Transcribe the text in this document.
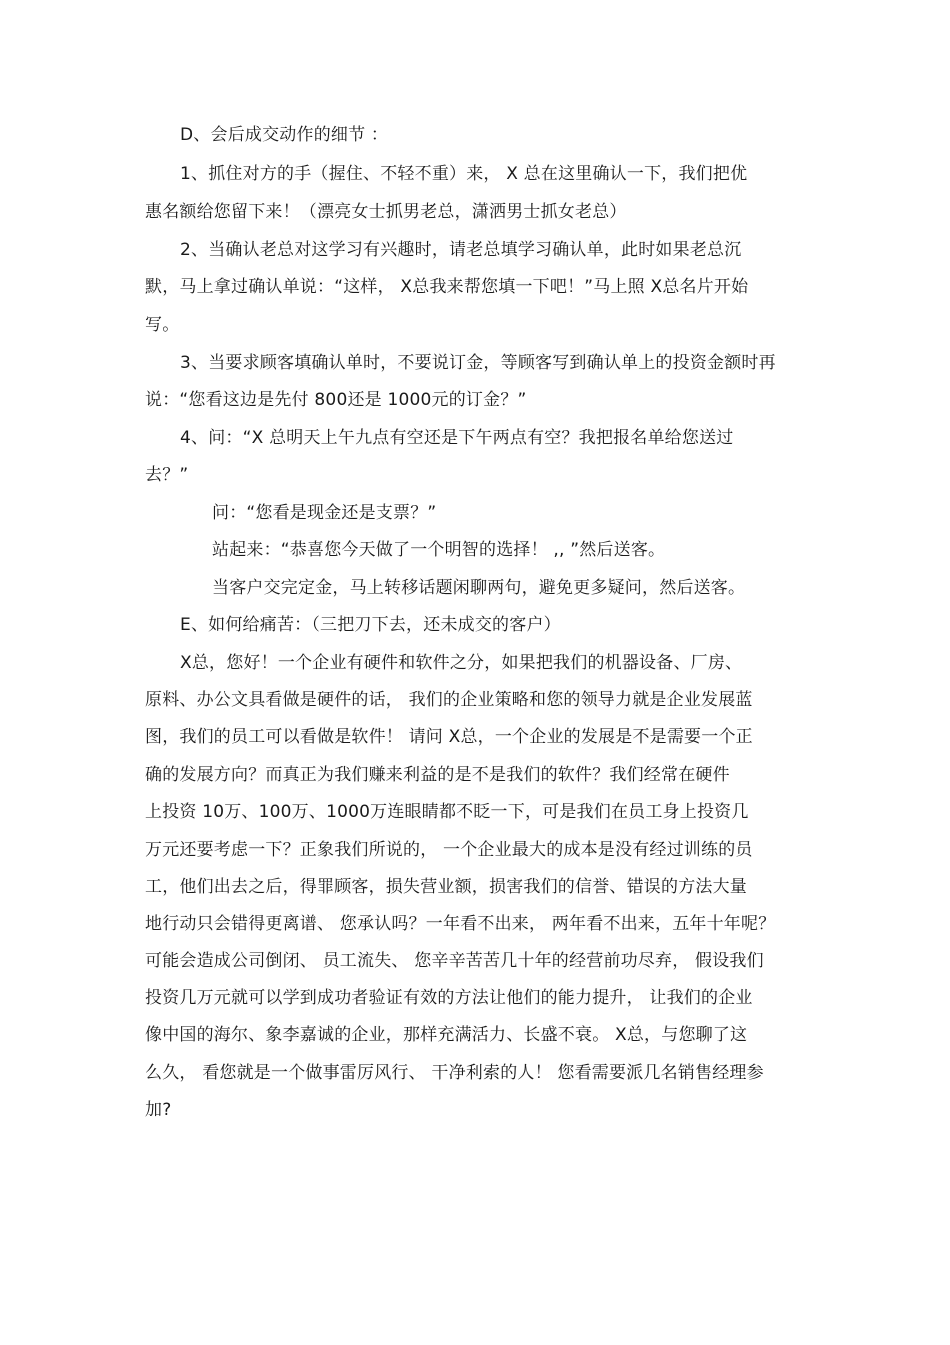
D、会后成交动作的细节 ：
1、抓住对方的手（握住、不轻不重）来， X 总在这里确认一下，我们把优
惠名额给您留下来！（漂亮女士抓男老总，潇洒男士抓女老总）
2、当确认老总对这学习有兴趣时，请老总填学习确认单，此时如果老总沉
默，马上拿过确认单说：“这样， X总我来帮您填一下吧！”马上照 X总名片开始
写。
3、当要求顾客填确认单时，不要说订金，等顾客写到确认单上的投资金额时再
说：“您看这边是先付 800还是 1000元的订金？”
4、问：“X 总明天上午九点有空还是下午两点有空？我把报名单给您送过
去？”
问：“您看是现金还是支票？”
站起来：“恭喜您今天做了一个明智的选择！ ,, ”然后送客。
当客户交完定金，马上转移话题闲聊两句，避免更多疑问，然后送客。
E、如何给痛苦：（三把刀下去，还未成交的客户）
X总，您好！一个企业有硬件和软件之分，如果把我们的机器设备、厂房、
原料、办公文具看做是硬件的话， 我们的企业策略和您的领导力就是企业发展蓝
图，我们的员工可以看做是软件！ 请问 X总，一个企业的发展是不是需要一个正
确的发展方向？而真正为我们赚来利益的是不是我们的软件？我们经常在硬件
上投资 10万、100万、1000万连眼睛都不眨一下，可是我们在员工身上投资几
万元还要考虑一下？正象我们所说的， 一个企业最大的成本是没有经过训练的员
工，他们出去之后，得罪顾客，损失营业额，损害我们的信誉、错误的方法大量
地行动只会错得更离谱、 您承认吗？一年看不出来， 两年看不出来，五年十年呢？
可能会造成公司倒闭、 员工流失、 您辛辛苦苦几十年的经营前功尽弃， 假设我们
投资几万元就可以学到成功者验证有效的方法让他们的能力提升， 让我们的企业
像中国的海尔、象李嘉诚的企业，那样充满活力、长盛不衰。 X总，与您聊了这
么久， 看您就是一个做事雷厉风行、 干净利索的人！ 您看需要派几名销售经理参
加?
